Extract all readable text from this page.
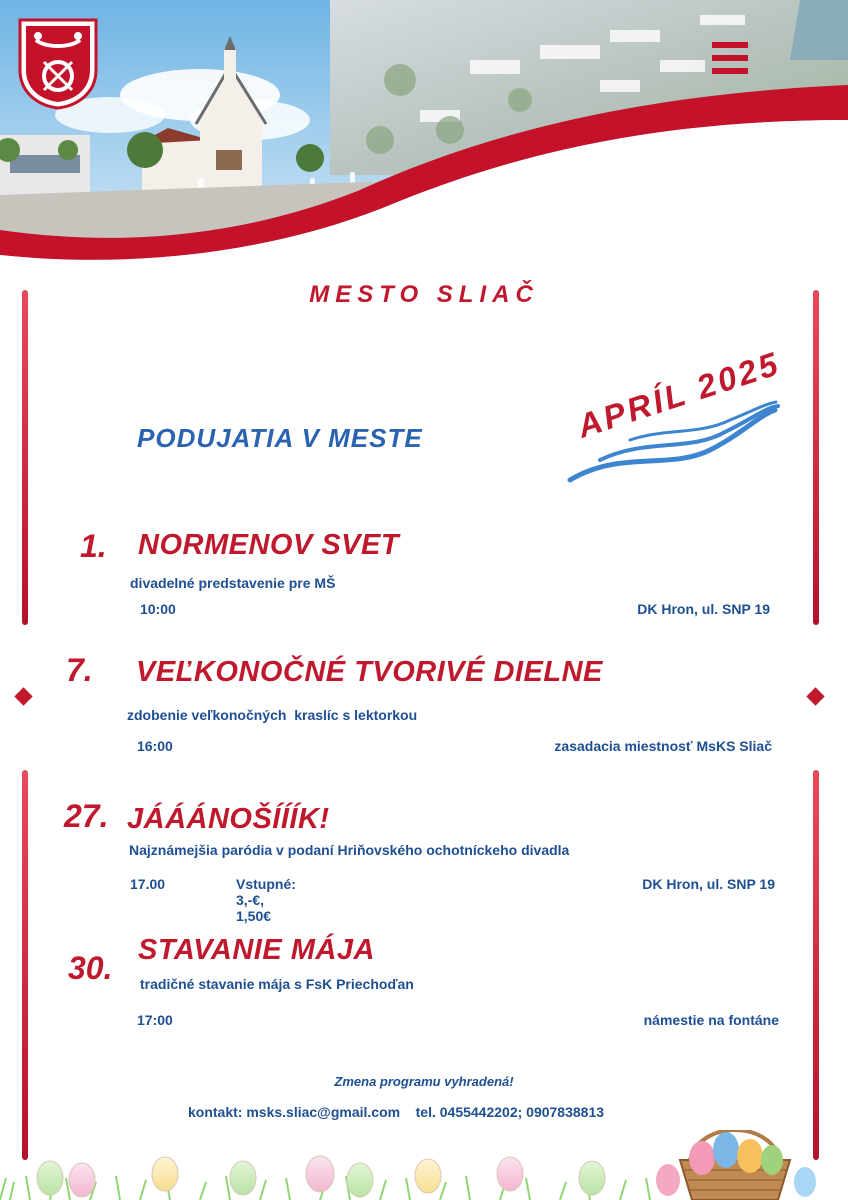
MESTO SLIAČ
PODUJATIA V MESTE	APRÍL 2025
1. NORMENOV SVET
divadelné predstavenie pre MŠ
10:00	DK Hron, ul. SNP 19
7. VEĽKONOČNÉ TVORIVÉ DIELNE
zdobenie veľkonočných  kraslíc s lektorkou
16:00	zasadacia miestnosť MsKS Sliač
27. JÁÁÁNOŠÍÍÍK!
Najznámejšia paródia v podaní Hriňovského ochotníckeho divadla
17.00	Vstupné: 3,-€, 1,50€
DK Hron, ul. SNP 19
30. STAVANIE MÁJA
tradičné stavanie mája s FsK Priechoďan
17:00	námestie na fontáne
Zmena programu vyhradená!
kontakt: msks.sliac@gmail.com    tel. 0455442202; 0907838813
